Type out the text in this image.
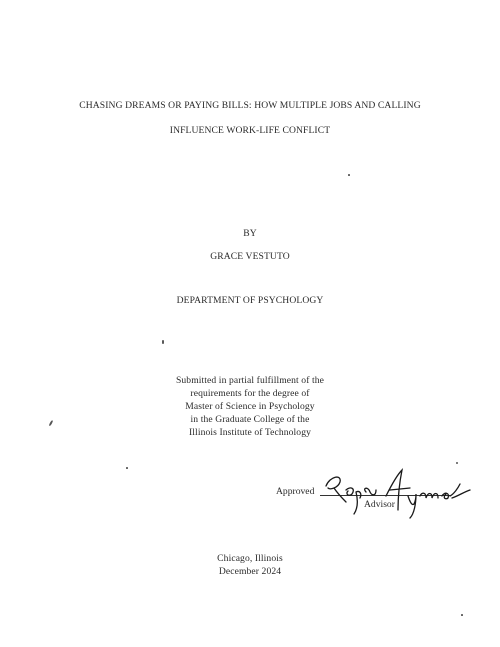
CHASING DREAMS OR PAYING BILLS: HOW MULTIPLE JOBS AND CALLING
INFLUENCE WORK-LIFE CONFLICT
BY
GRACE VESTUTO
DEPARTMENT OF PSYCHOLOGY
Submitted in partial fulfillment of the
requirements for the degree of
Master of Science in Psychology
in the Graduate College of the
Illinois Institute of Technology
Approved
Advisor
Chicago, Illinois
December 2024
